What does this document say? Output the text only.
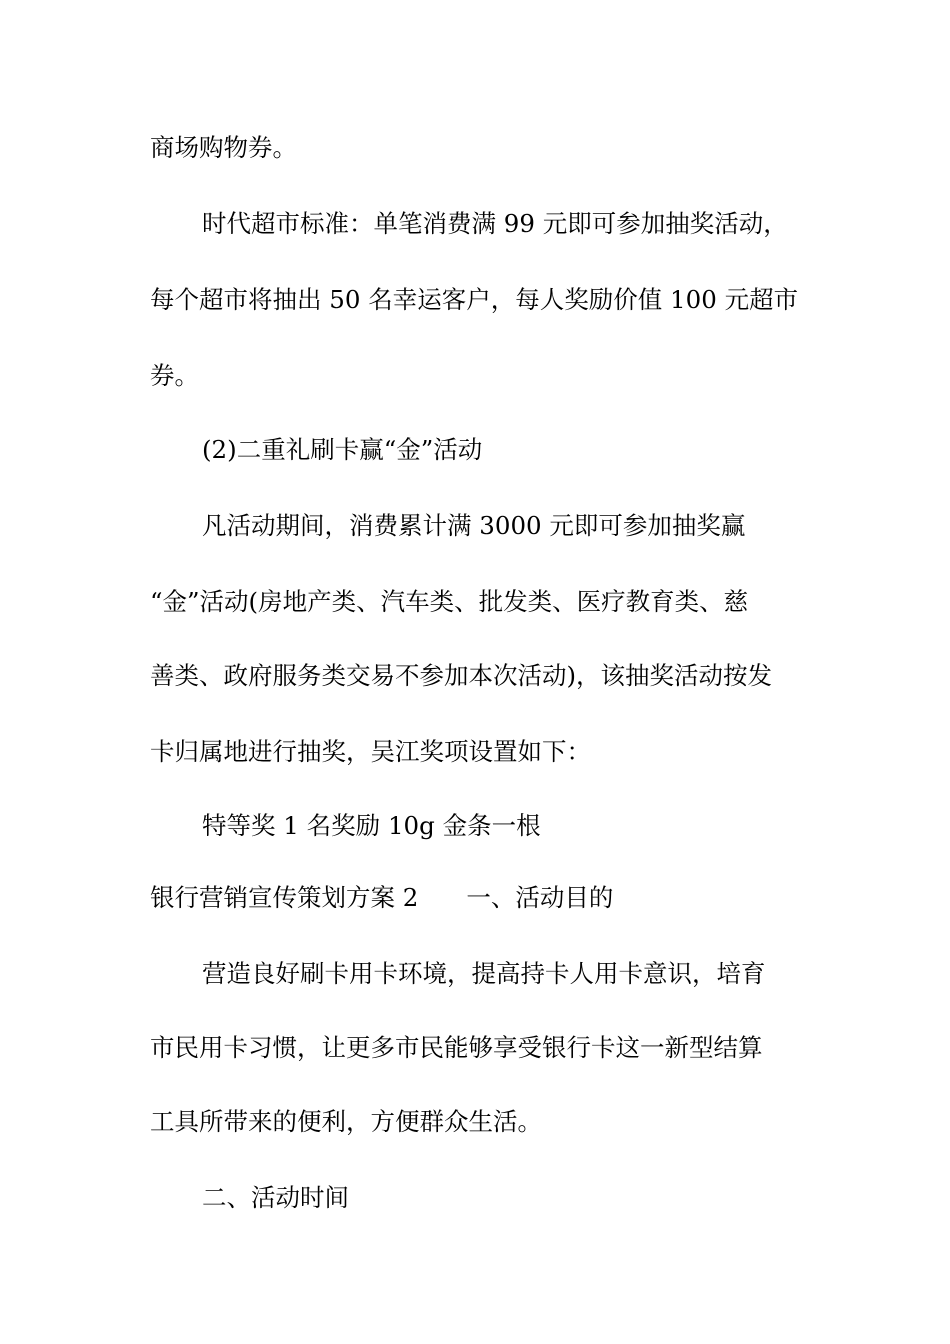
商场购物券。
时代超市标准：单笔消费满 99 元即可参加抽奖活动，
每个超市将抽出 50 名幸运客户，每人奖励价值 100 元超市
券。
(2)二重礼刷卡赢“金”活动
凡活动期间，消费累计满 3000 元即可参加抽奖赢
“金”活动(房地产类、汽车类、批发类、医疗教育类、慈
善类、政府服务类交易不参加本次活动)，该抽奖活动按发
卡归属地进行抽奖，吴江奖项设置如下：
特等奖 1 名奖励 10g 金条一根
银行营销宣传策划方案 2 一、活动目的
营造良好刷卡用卡环境，提高持卡人用卡意识，培育
市民用卡习惯，让更多市民能够享受银行卡这一新型结算
工具所带来的便利，方便群众生活。
二、活动时间
